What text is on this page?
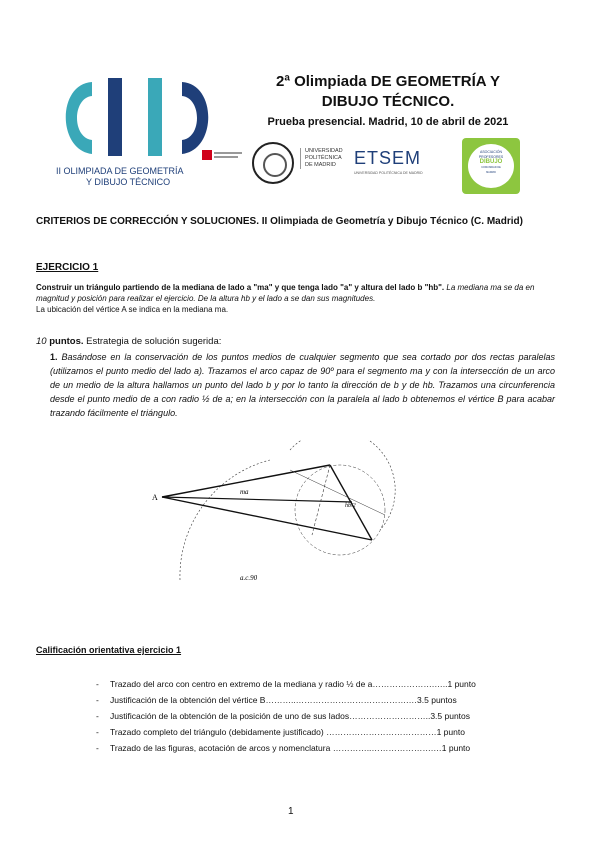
II OLIMPIADA DE GEOMETRÍA
Y DIBUJO TÉCNICO
2ª Olimpiada DE GEOMETRÍA Y
DIBUJO TÉCNICO.
Prueba presencial. Madrid, 10 de abril de 2021
UNIVERSIDAD
POLITÉCNICA
DE MADRID	ETSEM
UNIVERSIDAD POLITÉCNICA DE MADRID
ASOCIACIÓN
PROFESORES
DIBUJO
COMUNIDAD DE MADRID
CRITERIOS DE CORRECCIÓN Y SOLUCIONES. II Olimpiada de Geometría y Dibujo Técnico (C. Madrid)
EJERCICIO 1
Construir un triángulo partiendo de la mediana de lado a "ma" y que tenga lado "a" y altura del lado b "hb". La mediana ma se da en magnitud y posición para realizar el ejercicio. De la altura hb y el lado a se dan sus magnitudes.
La ubicación del vértice A se indica en la mediana ma.
10 puntos. Estrategia de solución sugerida:
1. Basándose en la conservación de los puntos medios de cualquier segmento que sea cortado por dos rectas paralelas (utilizamos el punto medio del lado a). Trazamos el arco capaz de 90º para el segmento ma y con la intersección de un arco de un medio de la altura hallamos un punto del lado b y por lo tanto la dirección de b y de hb. Trazamos una circunferencia desde el punto medio de a con radio ½ de a; en la intersección con la paralela al lado b obtenemos el vértice B para acabar trazando fácilmente el triángulo.
A
ma
hb/2
a.c.90
Calificación orientativa ejercicio 1
- Trazado del arco con centro en extremo de la mediana y radio ½ de a………………….…..1 punto
- Justificación de la obtención del vértice B………..………………………………….…3.5 puntos
- Justificación de la obtención de la posición de uno de sus lados………………………..3.5 puntos
- Trazado completo del triángulo (debidamente justificado) …………………………………1 punto
- Trazado de las figuras, acotación de arcos y nomenclatura …………..………………….…1 punto
1
